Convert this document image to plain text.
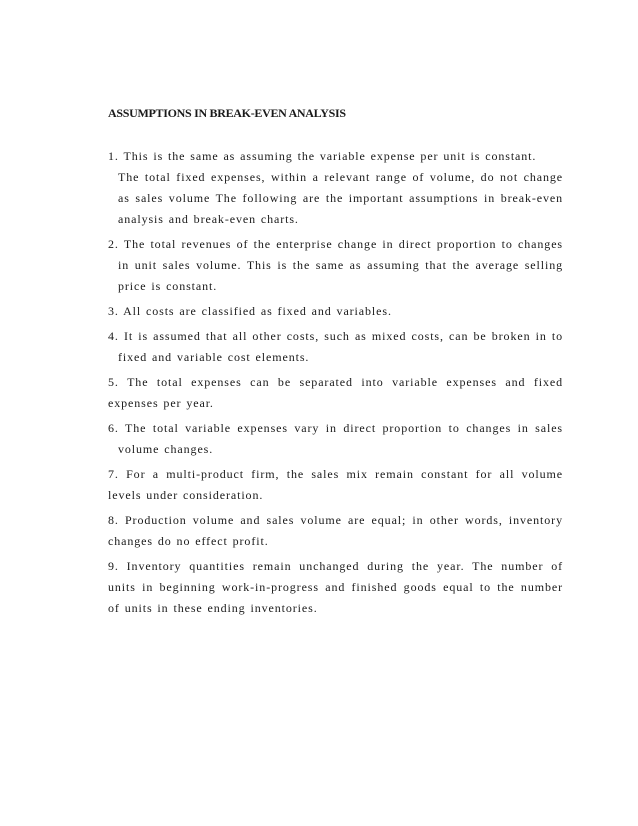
ASSUMPTIONS IN BREAK-EVEN ANALYSIS

1. This is the same as assuming the variable expense per unit is constant.

The total fixed expenses, within a relevant range of volume, do not change as sales volume The following are the important assumptions in break-even analysis and break-even charts.

2. The total revenues of the enterprise change in direct proportion to changes in unit sales volume. This is the same as assuming that the average selling price is constant.

3. All costs are classified as fixed and variables.

4. It is assumed that all other costs, such as mixed costs, can be broken in to fixed and variable cost elements.

5. The total expenses can be separated into variable expenses and fixed expenses per year.

6. The total variable expenses vary in direct proportion to changes in sales volume changes.

7. For a multi-product firm, the sales mix remain constant for all volume levels under consideration.

8. Production volume and sales volume are equal; in other words, inventory changes do no effect profit.

9. Inventory quantities remain unchanged during the year. The number of units in beginning work-in-progress and finished goods equal to the number of units in these ending inventories.
